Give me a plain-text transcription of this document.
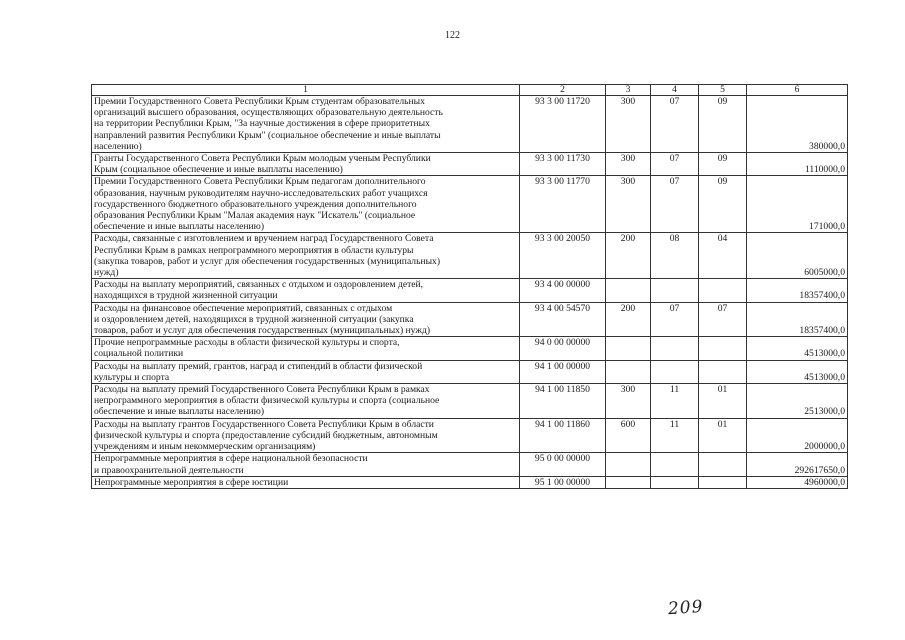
122
1	2	3	4	5	6
Премии Государственного Совета Республики Крым студентам образовательных
организаций высшего образования, осуществляющих образовательную деятельность
на территории Республики Крым, "За научные достижения в сфере приоритетных
направлений развития Республики Крым" (социальное обеспечение и иные выплаты
населению)	93 3 00 11720	300	07	09	380000,0
Гранты Государственного Совета Республики Крым молодым ученым Республики
Крым (социальное обеспечение и иные выплаты населению)	93 3 00 11730	300	07	09	1110000,0
Премии Государственного Совета Республики Крым педагогам дополнительного
образования, научным руководителям научно-исследовательских работ учащихся
государственного бюджетного образовательного учреждения дополнительного
образования Республики Крым "Малая академия наук "Искатель" (социальное
обеспечение и иные выплаты населению)	93 3 00 11770	300	07	09	171000,0
Расходы, связанные с изготовлением и вручением наград Государственного Совета
Республики Крым в рамках непрограммного мероприятия в области культуры
(закупка товаров, работ и услуг для обеспечения государственных (муниципальных)
нужд)	93 3 00 20050	200	08	04	6005000,0
Расходы на выплату мероприятий, связанных с отдыхом и оздоровлением детей,
находящихся в трудной жизненной ситуации	93 4 00 00000				18357400,0
Расходы на финансовое обеспечение мероприятий, связанных с отдыхом
и оздоровлением детей, находящихся в трудной жизненной ситуации (закупка
товаров, работ и услуг для обеспечения государственных (муниципальных) нужд)	93 4 00 54570	200	07	07	18357400,0
Прочие непрограммные расходы в области физической культуры и спорта,
социальной политики	94 0 00 00000				4513000,0
Расходы на выплату премий, грантов, наград и стипендий в области физической
культуры и спорта	94 1 00 00000				4513000,0
Расходы на выплату премий Государственного Совета Республики Крым в рамках
непрограммного мероприятия в области физической культуры и спорта (социальное
обеспечение и иные выплаты населению)	94 1 00 11850	300	11	01	2513000,0
Расходы на выплату грантов Государственного Совета Республики Крым в области
физической культуры и спорта (предоставление субсидий бюджетным, автономным
учреждениям и иным некоммерческим организациям)	94 1 00 11860	600	11	01	2000000,0
Непрограммные мероприятия в сфере национальной безопасности
и правоохранительной деятельности	95 0 00 00000				292617650,0
Непрограммные мероприятия в сфере юстиции	95 1 00 00000				4960000,0
209
